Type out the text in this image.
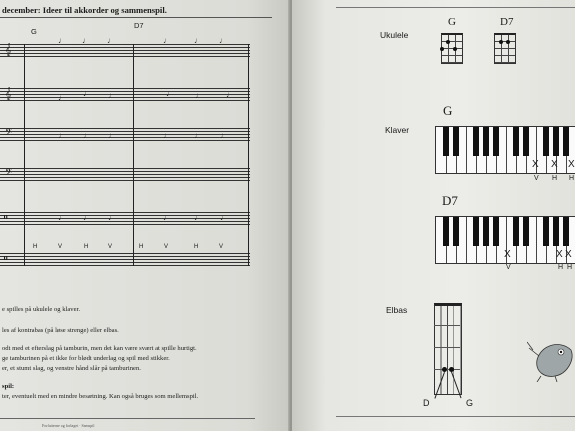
december: Ideer til akkorder og sammenspil.
G
D7
𝄞
♩ ♩ ♩	♩	♩ ♩
𝄞	♩ ♩ ♩	♩	♩	♩
𝄢	♩ ♩ ♩	♩	♩ ♩
𝄢
𝄥	♩ ♩ ♩	♩	♩ ♩
𝄥
H	V	H	V	H	V	H	V
e spilles på ukulele og klaver.
les af kontrabas (på løse strenge) eller elbas.
odt med et efterslag på tamburin, men det kan være svært at spille hurtigt.
ge tamburinen på et ikke for blødt underlag og spil med stikker.
er, et stumt slag, og venstre hånd slår på tamburinen.
spil:
ter, eventuelt med en mindre besætning. Kan også bruges som mellemspil.
Forfatterne og forlaget · Samspil
Ukulele
G	D7
Klaver
G
X X X
V H H
D7
X	X X
V	H H
Elbas
D	G
